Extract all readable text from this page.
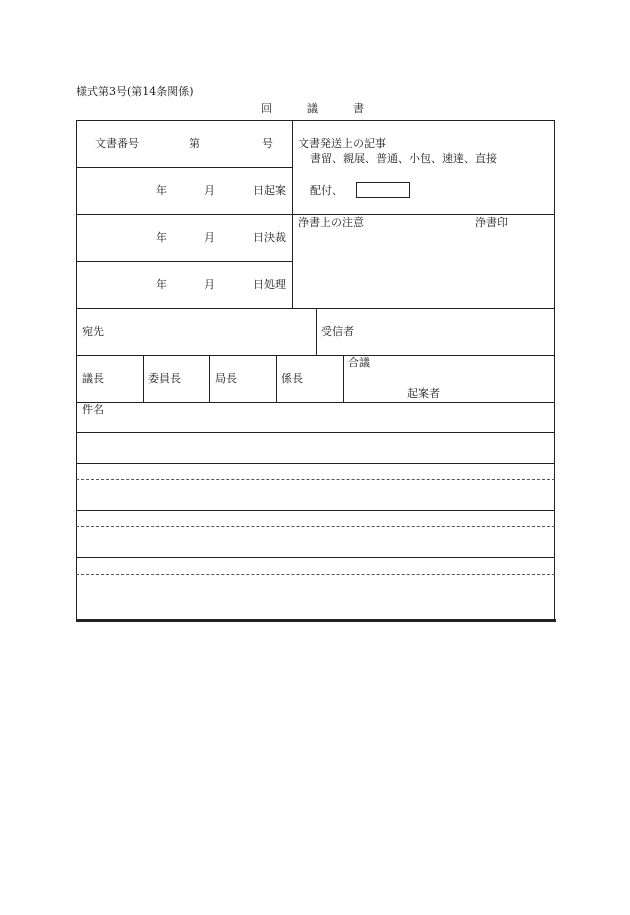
様式第3号(第14条関係)
回	議	書
文書番号	第	号
年	月	日起案
年	月	日決裁
年	月	日処理
文書発送上の記事
書留、親展、普通、小包、速達、直接
配付、
浄書上の注意	浄書印
宛先	受信者
議長	委員長	局長	係長
合議
起案者
件名
